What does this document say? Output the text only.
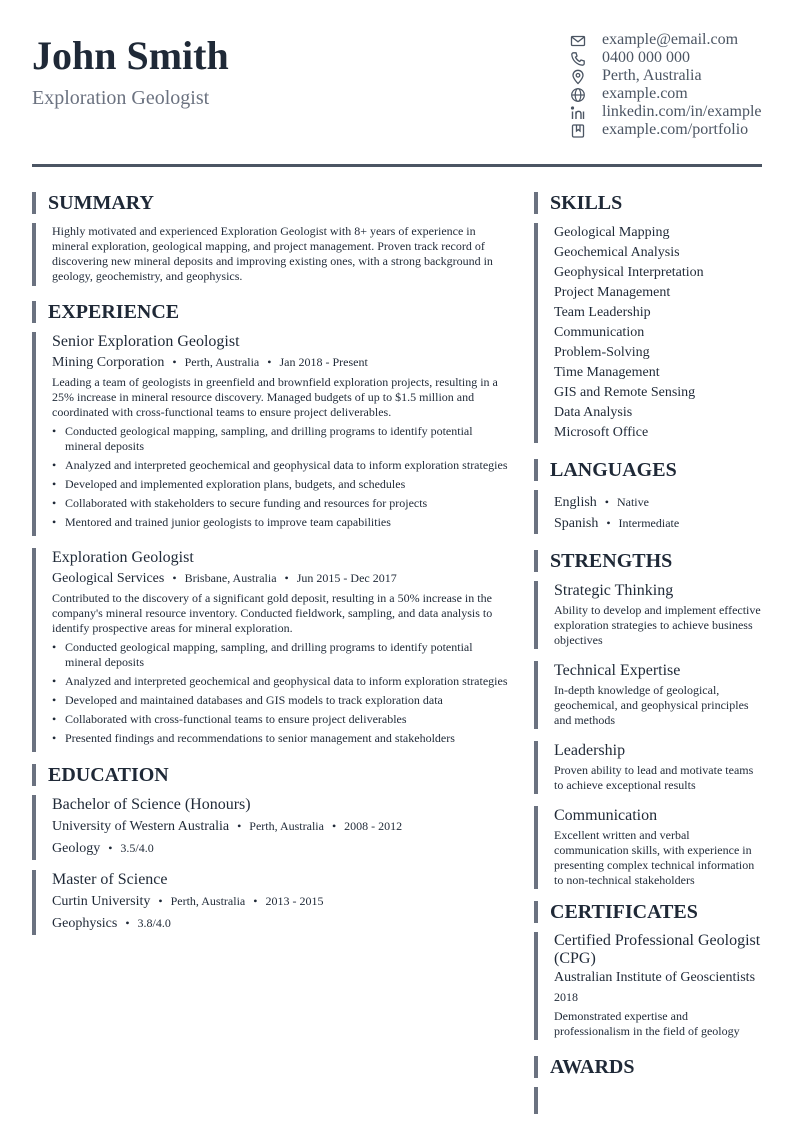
John Smith
Exploration Geologist
example@email.com
0400 000 000
Perth, Australia
example.com
linkedin.com/in/example
example.com/portfolio
SUMMARY
Highly motivated and experienced Exploration Geologist with 8+ years of experience in mineral exploration, geological mapping, and project management. Proven track record of discovering new mineral deposits and improving existing ones, with a strong background in geology, geochemistry, and geophysics.
EXPERIENCE
Senior Exploration Geologist
Mining Corporation • Perth, Australia • Jan 2018 - Present
Leading a team of geologists in greenfield and brownfield exploration projects, resulting in a 25% increase in mineral resource discovery. Managed budgets of up to $1.5 million and coordinated with cross-functional teams to ensure project deliverables.
• Conducted geological mapping, sampling, and drilling programs to identify potential mineral deposits
• Analyzed and interpreted geochemical and geophysical data to inform exploration strategies
• Developed and implemented exploration plans, budgets, and schedules
• Collaborated with stakeholders to secure funding and resources for projects
• Mentored and trained junior geologists to improve team capabilities
Exploration Geologist
Geological Services • Brisbane, Australia • Jun 2015 - Dec 2017
Contributed to the discovery of a significant gold deposit, resulting in a 50% increase in the company's mineral resource inventory. Conducted fieldwork, sampling, and data analysis to identify prospective areas for mineral exploration.
• Conducted geological mapping, sampling, and drilling programs to identify potential mineral deposits
• Analyzed and interpreted geochemical and geophysical data to inform exploration strategies
• Developed and maintained databases and GIS models to track exploration data
• Collaborated with cross-functional teams to ensure project deliverables
• Presented findings and recommendations to senior management and stakeholders
EDUCATION
Bachelor of Science (Honours)
University of Western Australia • Perth, Australia • 2008 - 2012
Geology • 3.5/4.0
Master of Science
Curtin University • Perth, Australia • 2013 - 2015
Geophysics • 3.8/4.0
SKILLS
Geological Mapping
Geochemical Analysis
Geophysical Interpretation
Project Management
Team Leadership
Communication
Problem-Solving
Time Management
GIS and Remote Sensing
Data Analysis
Microsoft Office
LANGUAGES
English • Native
Spanish • Intermediate
STRENGTHS
Strategic Thinking
Ability to develop and implement effective exploration strategies to achieve business objectives
Technical Expertise
In-depth knowledge of geological, geochemical, and geophysical principles and methods
Leadership
Proven ability to lead and motivate teams to achieve exceptional results
Communication
Excellent written and verbal communication skills, with experience in presenting complex technical information to non-technical stakeholders
CERTIFICATES
Certified Professional Geologist (CPG)
Australian Institute of Geoscientists
2018
Demonstrated expertise and professionalism in the field of geology
AWARDS
